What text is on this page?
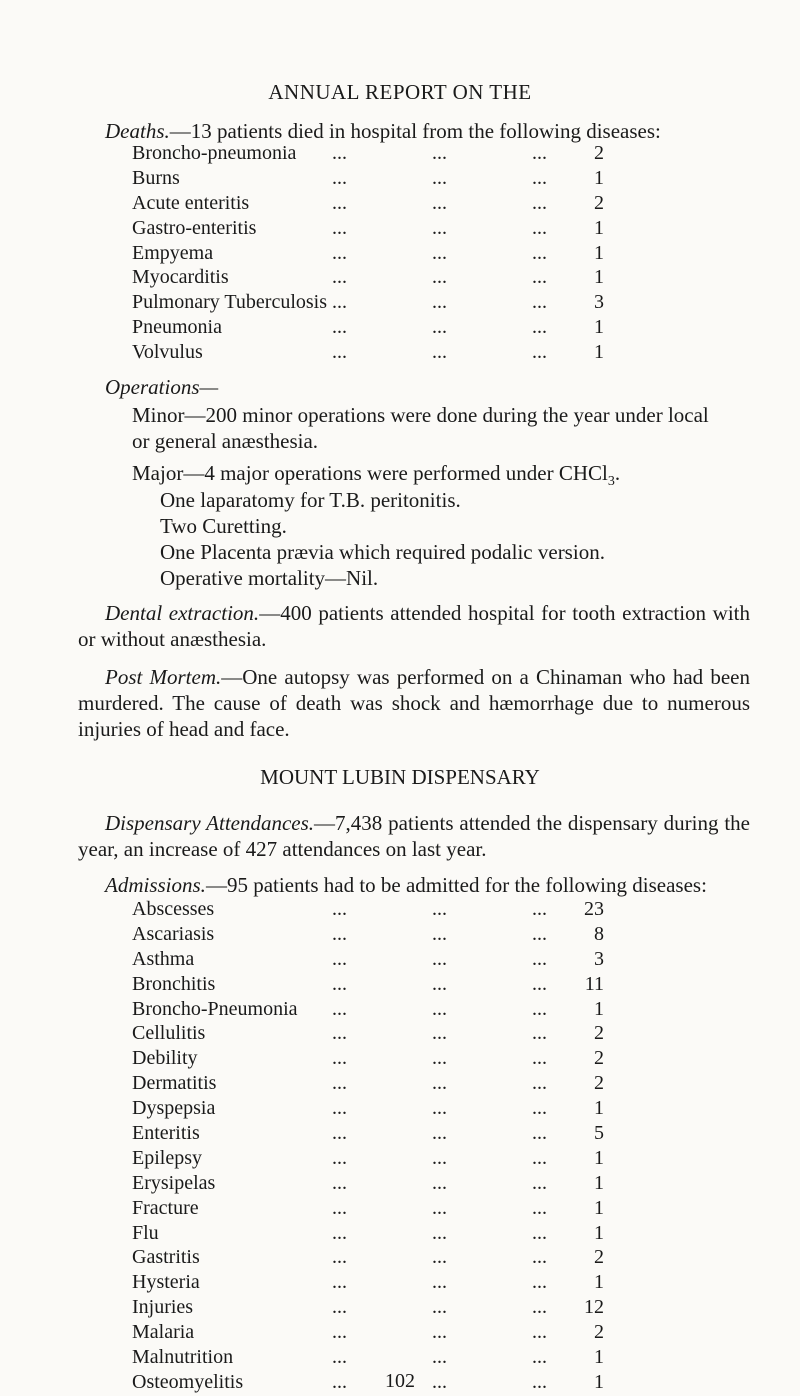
ANNUAL REPORT ON THE
Deaths.—13 patients died in hospital from the following diseases:
Broncho-pneumonia ...	...	...	2
Burns	...	...	...	1
Acute enteritis	...	...	...	2
Gastro-enteritis	...	...	...	1
Empyema	...	...	...	1
Myocarditis	...	...	...	1
Pulmonary Tuberculosis ...	...	...	3
Pneumonia	...	...	...	1
Volvulus	...	...	...	1
Operations—
Minor—200 minor operations were done during the year under local
or general anæsthesia.
Major—4 major operations were performed under CHCl$_3$.
One laparatomy for T.B. peritonitis.
Two Curetting.
One Placenta prævia which required podalic version.
Operative mortality—Nil.
Dental extraction.—400 patients attended hospital for tooth extraction with or without anæsthesia.
Post Mortem.—One autopsy was performed on a Chinaman who had been murdered. The cause of death was shock and hæmorrhage due to numerous injuries of head and face.
MOUNT LUBIN DISPENSARY
Dispensary Attendances.—7,438 patients attended the dispensary during the year, an increase of 427 attendances on last year.
Admissions.—95 patients had to be admitted for the following diseases:
Abscesses	...	...	...	23
Ascariasis	...	...	...	8
Asthma	...	...	...	3
Bronchitis	...	...	...	11
Broncho-Pneumonia ...	...	...	1
Cellulitis	...	...	...	2
Debility	...	...	...	2
Dermatitis	...	...	...	2
Dyspepsia	...	...	...	1
Enteritis	...	...	...	5
Epilepsy	...	...	...	1
Erysipelas	...	...	...	1
Fracture	...	...	...	1
Flu	...	...	...	1
Gastritis	...	...	...	2
Hysteria	...	...	...	1
Injuries	...	...	...	12
Malaria	...	...	...	2
Malnutrition	...	...	...	1
Osteomyelitis	...	...	...	1
102
